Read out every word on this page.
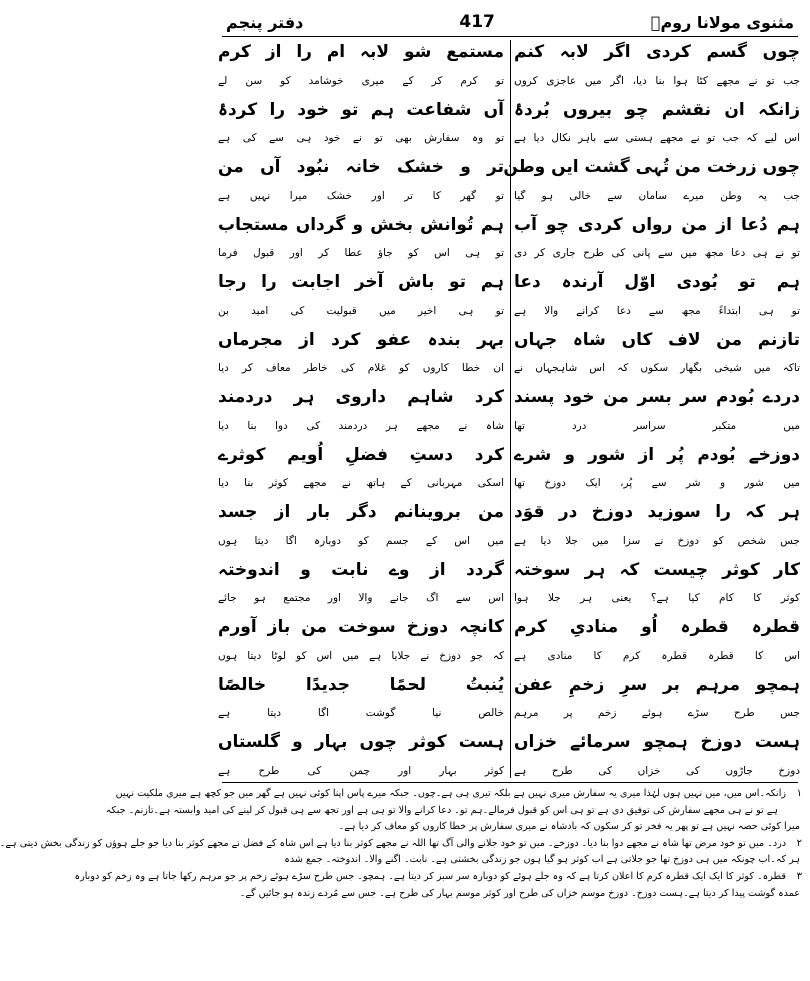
مثنوی مولانا رومؒ
417
دفتر پنجم
چوں گسم کردی اگر لابہ کنم
جب تو نے مجھے کٹا ہوا بنا دیا، اگر میں عاجزی کروں
زانکہ ان نقشم چو بیروں بُردۂ
اس لیے کہ جب تو نے مجھے ہستی سے باہر نکال دیا ہے
چوں زرخت من تُہی گشت ایں وطن
جب یہ وطن میرے سامان سے خالی ہو گیا
ہم دُعا از من رواں کردی چو آب
تو نے ہی دعا مجھ میں سے پانی کی طرح جاری کر دی
ہم تو بُودی اوّل آرندہ دعا
تو ہی ابتداءً مجھ سے دعا کرانے والا ہے
تازنم من لاف کاں شاہ جہاں
تاکہ میں شیخی بگھار سکوں کہ اس شاہجہاں نے
دردے بُودم سر بسر من خود پسند
میں متکبر سراسر درد تھا
دوزخے بُودم پُر از شور و شرے
میں شور و شر سے پُر، ایک دوزخ تھا
ہر کہ را سوزید دوزخ در قوَد
جس شخص کو دوزخ نے سزا میں جلا دیا ہے
کار کوثر چیست کہ ہر سوختہ
کوثر کا کام کیا ہے؟ یعنی ہر جلا ہوا
قطرہ قطرہ اُو منادیِ کرم
اس کا قطرہ قطرہ کرم کا منادی ہے
ہمچو مرہم بر سرِ زخمِ عفن
جس طرح سڑے ہوئے زخم پر مرہم
ہست دوزخ ہمچو سرمائے خزاں
دوزخ جاڑوں کی خزاں کی طرح ہے
مستمع شو لابہ ام را از کرم
تو کرم کر کے میری خوشامد کو سن لے
آں شفاعت ہم تو خود را کردۂ
تو وہ سفارش بھی تو نے خود ہی سے کی ہے
تر و خشک خانہ نبُود آں من
تو گھر کا تر اور خشک میرا نہیں ہے
ہم تُوانش بخش و گرداں مستجاب
تو ہی اس کو جاؤ عطا کر اور قبول فرما
ہم تو باش آخر اجابت را رجا
تو ہی اخیر میں قبولیت کی امید بن
بہر بندہ عفو کرد از مجرماں
ان خطا کاروں کو غلام کی خاطر معاف کر دیا
کرد شاہم داروی ہر دردمند
شاہ نے مجھے ہر دردمند کی دوا بنا دیا
کرد دستِ فضلِ اُویم کوثرے
اسکی مہربانی کے ہاتھ نے مجھے کوثر بنا دیا
من بروینانم دگر بار از جسد
میں اس کے جسم کو دوبارہ اگا دیتا ہوں
گردد از وے نابت و اندوختہ
اس سے اگ جانے والا اور مجتمع ہو جائے
کانچہ دوزخ سوخت من باز آورم
کہ جو دوزخ نے جلایا ہے میں اس کو لوٹا دیتا ہوں
یُنبتُ لحمًا جدیدًا خالصًا
خالص نیا گوشت اگا دیتا ہے
ہست کوثر چوں بہار و گلستاں
کوثر بہار اور چمن کی طرح ہے
١
زانکہ۔اس میں، میں نہیں ہوں لہٰذا میری یہ سفارش میری نہیں ہے بلکہ تیری ہی ہے۔چوں۔ جبکہ میرے پاس اپنا کوئی نہیں ہے گھر میں جو کچھ ہے میری ملکیت نہیں
ہے تو نے ہی مجھے سفارش کی توفیق دی ہے تو ہی اس کو قبول فرمالے۔ہم تو۔ دعا کرانے والا تو ہی ہے اور تجھ سے ہی قبول کر لینے کی امید وابستہ ہے۔تازنم۔ جبکہ
میرا کوئی حصہ نہیں ہے تو پھر یہ فخر تو کر سکوں کہ بادشاہ نے میری سفارش پر خطا کاروں کو معاف کر دیا ہے۔
٢
درد۔ میں تو خود مرض تھا شاہ نے مجھے دوا بنا دیا۔ دوزخے۔ میں تو خود جلانے والی آگ تھا اللہ نے مجھے کوثر بنا دیا ہے اس شاہ کے فضل نے مجھے کوثر بنا دیا جو جلے ہوؤں کو زندگی بخش دیتی ہے۔
ہر کہ۔اب چونکہ میں ہی دوزخ تھا جو جلاتی ہے اب کوثر ہو گیا ہوں جو زندگی بخشتی ہے۔ نابت۔ اگنے والا۔ اندوختہ۔ جمع شدہ
٣
قطرہ۔ کوثر کا ایک ایک قطرہ کرم کا اعلان کرتا ہے کہ وہ جلے ہوئے کو دوبارہ سر سبز کر دیتا ہے۔ ہمچو۔ جس طرح سڑے ہوئے زخم پر جو مرہم رکھا جاتا ہے وہ زخم کو دوبارہ
عمدہ گوشت پیدا کر دیتا ہے۔ہست دوزخ۔ دوزخ موسم خزاں کی طرح اور کوثر موسم بہار کی طرح ہے۔ جس سے مُردے زندہ ہو جائیں گے۔
